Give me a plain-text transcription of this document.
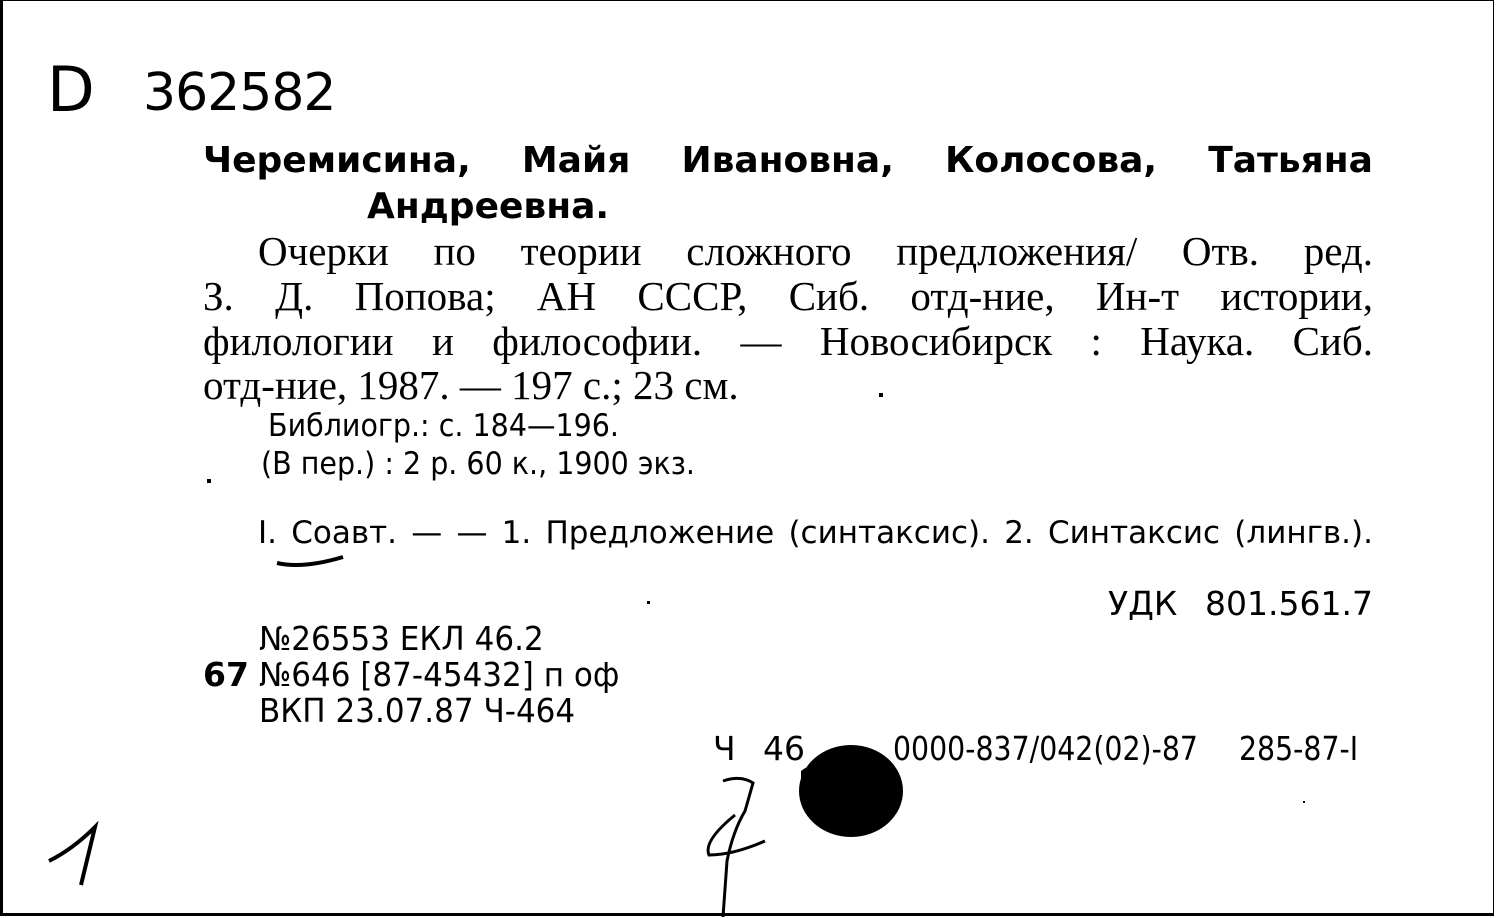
D 362582
Черемисина, Майя Ивановна, Колосова, Татьяна
Андреевна.
Очерки по теории сложного предложения/ Отв. ред.
З. Д. Попова; АН СССР, Сиб. отд-ние, Ин-т истории,
филологии и философии. — Новосибирск : Наука. Сиб.
отд-ние, 1987. — 197 с.; 23 см.
Библиогр.: с. 184—196.
(В пер.) : 2 р. 60 к., 1900 экз.
I. Соавт. — — 1. Предложение (синтаксис). 2. Синтаксис (лингв.).
УДК 801.561.7
№26553 ЕКЛ 46.2
67 №646 [87-45432] п оф
ВКП 23.07.87 Ч-464
Ч 46	0000-837/042(02)-87 285-87-I
